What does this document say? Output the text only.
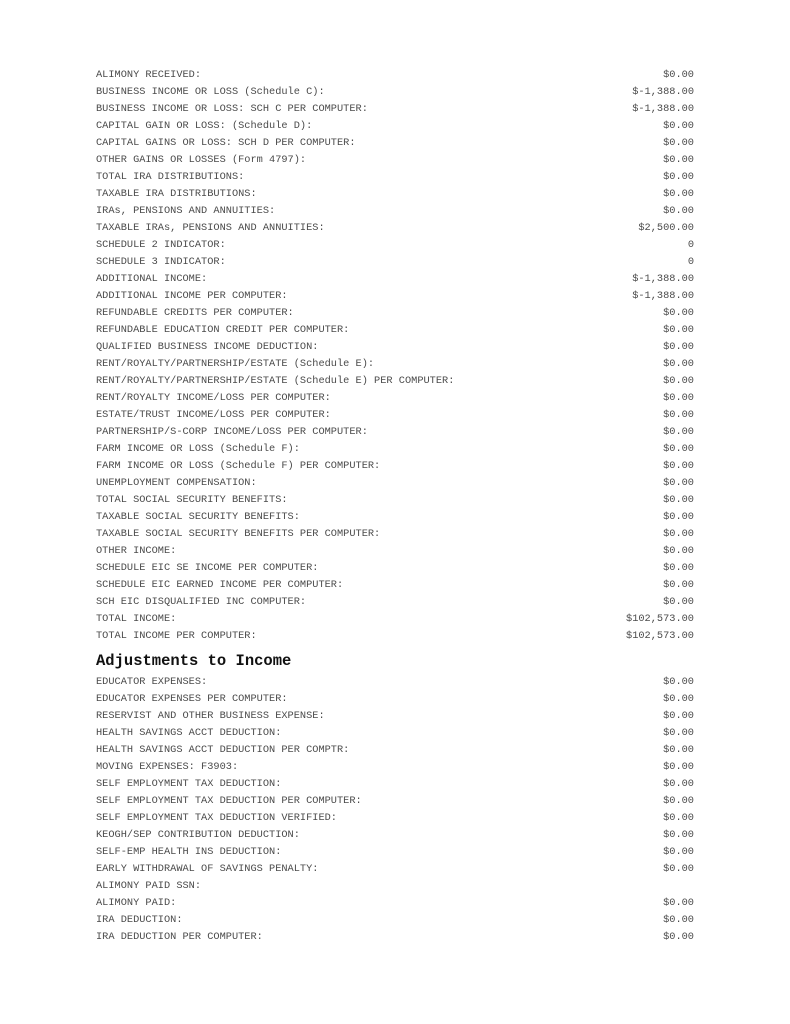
ALIMONY RECEIVED:	$0.00
BUSINESS INCOME OR LOSS (Schedule C):	$-1,388.00
BUSINESS INCOME OR LOSS: SCH C PER COMPUTER:	$-1,388.00
CAPITAL GAIN OR LOSS: (Schedule D):	$0.00
CAPITAL GAINS OR LOSS: SCH D PER COMPUTER:	$0.00
OTHER GAINS OR LOSSES (Form 4797):	$0.00
TOTAL IRA DISTRIBUTIONS:	$0.00
TAXABLE IRA DISTRIBUTIONS:	$0.00
IRAs, PENSIONS AND ANNUITIES:	$0.00
TAXABLE IRAs, PENSIONS AND ANNUITIES:	$2,500.00
SCHEDULE 2 INDICATOR:	0
SCHEDULE 3 INDICATOR:	0
ADDITIONAL INCOME:	$-1,388.00
ADDITIONAL INCOME PER COMPUTER:	$-1,388.00
REFUNDABLE CREDITS PER COMPUTER:	$0.00
REFUNDABLE EDUCATION CREDIT PER COMPUTER:	$0.00
QUALIFIED BUSINESS INCOME DEDUCTION:	$0.00
RENT/ROYALTY/PARTNERSHIP/ESTATE (Schedule E):	$0.00
RENT/ROYALTY/PARTNERSHIP/ESTATE (Schedule E) PER COMPUTER:	$0.00
RENT/ROYALTY INCOME/LOSS PER COMPUTER:	$0.00
ESTATE/TRUST INCOME/LOSS PER COMPUTER:	$0.00
PARTNERSHIP/S-CORP INCOME/LOSS PER COMPUTER:	$0.00
FARM INCOME OR LOSS (Schedule F):	$0.00
FARM INCOME OR LOSS (Schedule F) PER COMPUTER:	$0.00
UNEMPLOYMENT COMPENSATION:	$0.00
TOTAL SOCIAL SECURITY BENEFITS:	$0.00
TAXABLE SOCIAL SECURITY BENEFITS:	$0.00
TAXABLE SOCIAL SECURITY BENEFITS PER COMPUTER:	$0.00
OTHER INCOME:	$0.00
SCHEDULE EIC SE INCOME PER COMPUTER:	$0.00
SCHEDULE EIC EARNED INCOME PER COMPUTER:	$0.00
SCH EIC DISQUALIFIED INC COMPUTER:	$0.00
TOTAL INCOME:	$102,573.00
TOTAL INCOME PER COMPUTER:	$102,573.00
Adjustments to Income
EDUCATOR EXPENSES:	$0.00
EDUCATOR EXPENSES PER COMPUTER:	$0.00
RESERVIST AND OTHER BUSINESS EXPENSE:	$0.00
HEALTH SAVINGS ACCT DEDUCTION:	$0.00
HEALTH SAVINGS ACCT DEDUCTION PER COMPTR:	$0.00
MOVING EXPENSES: F3903:	$0.00
SELF EMPLOYMENT TAX DEDUCTION:	$0.00
SELF EMPLOYMENT TAX DEDUCTION PER COMPUTER:	$0.00
SELF EMPLOYMENT TAX DEDUCTION VERIFIED:	$0.00
KEOGH/SEP CONTRIBUTION DEDUCTION:	$0.00
SELF-EMP HEALTH INS DEDUCTION:	$0.00
EARLY WITHDRAWAL OF SAVINGS PENALTY:	$0.00
ALIMONY PAID SSN:
ALIMONY PAID:	$0.00
IRA DEDUCTION:	$0.00
IRA DEDUCTION PER COMPUTER:	$0.00
